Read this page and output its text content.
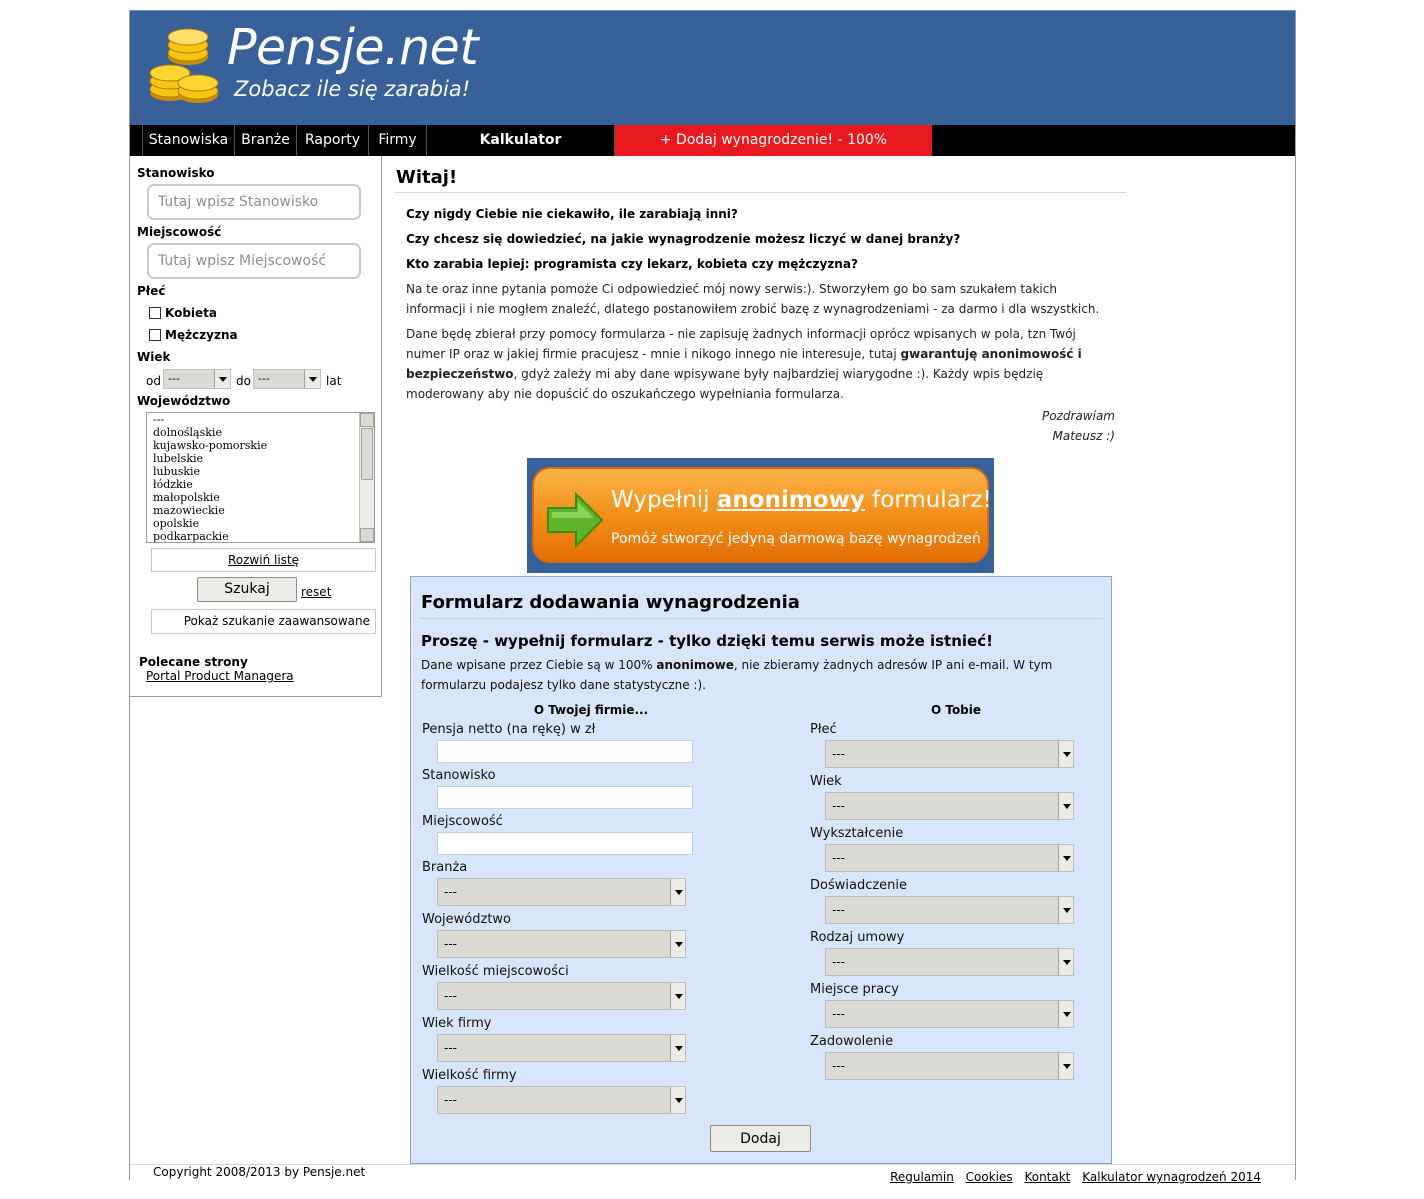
Pensje.net
Zobacz ile się zarabia!
Stanowiska Branże	Raporty	Firmy	Kalkulator wynagrodzeń
+ Dodaj wynagrodzenie! - 100% anonimowości!
Stanowisko
Tutaj wpisz Stanowisko
Miejscowość
Tutaj wpisz Miejscowość
Płeć
Kobieta
Mężczyzna
Wiek
od ---	do ---	lat
Województwo
---
dolnośląskie
kujawsko-pomorskie
lubelskie
lubuskie
łódzkie
małopolskie
mazowieckie
opolskie
podkarpackie
Rozwiń listę
Szukaj	reset
Pokaż szukanie zaawansowane
Polecane strony
Portal Product Managera
Witaj!
Czy nigdy Ciebie nie ciekawiło, ile zarabiają inni?
Czy chcesz się dowiedzieć, na jakie wynagrodzenie możesz liczyć w danej branży?
Kto zarabia lepiej: programista czy lekarz, kobieta czy mężczyzna?
Na te oraz inne pytania pomoże Ci odpowiedzieć mój nowy serwis:). Stworzyłem go bo sam szukałem takich informacji i nie mogłem znaleźć, dlatego postanowiłem zrobić bazę z wynagrodzeniami - za darmo i dla wszystkich.
Dane będę zbierał przy pomocy formularza - nie zapisuję żadnych informacji oprócz wpisanych w pola, tzn Twój numer IP oraz w jakiej firmie pracujesz - mnie i nikogo innego nie interesuje, tutaj gwarantuję anonimowość i bezpieczeństwo, gdyż zależy mi aby dane wpisywane były najbardziej wiarygodne :). Każdy wpis będzię moderowany aby nie dopuścić do oszukańczego wypełniania formularza.
Pozdrawiam
Mateusz :)
Wypełnij anonimowy formularz!
Pomóż stworzyć jedyną darmową bazę wynagrodzeń
Formularz dodawania wynagrodzenia
Proszę - wypełnij formularz - tylko dzięki temu serwis może istnieć!
Dane wpisane przez Ciebie są w 100% anonimowe, nie zbieramy żadnych adresów IP ani e-mail. W tym formularzu podajesz tylko dane statystyczne :).
O Twojej firmie...	O Tobie
Pensja netto (na rękę) w zł
Stanowisko
Miejscowość
Branża
---
Województwo
---
Wielkość miejscowości
---
Wiek firmy
---
Wielkość firmy
---
Płeć
---
Wiek
---
Wykształcenie
---
Doświadczenie
---
Rodzaj umowy
---
Miejsce pracy
---
Zadowolenie
---
Dodaj
Copyright 2008/2013 by Pensje.net	Regulamin Cookies Kontakt Kalkulator wynagrodzeń 2014
